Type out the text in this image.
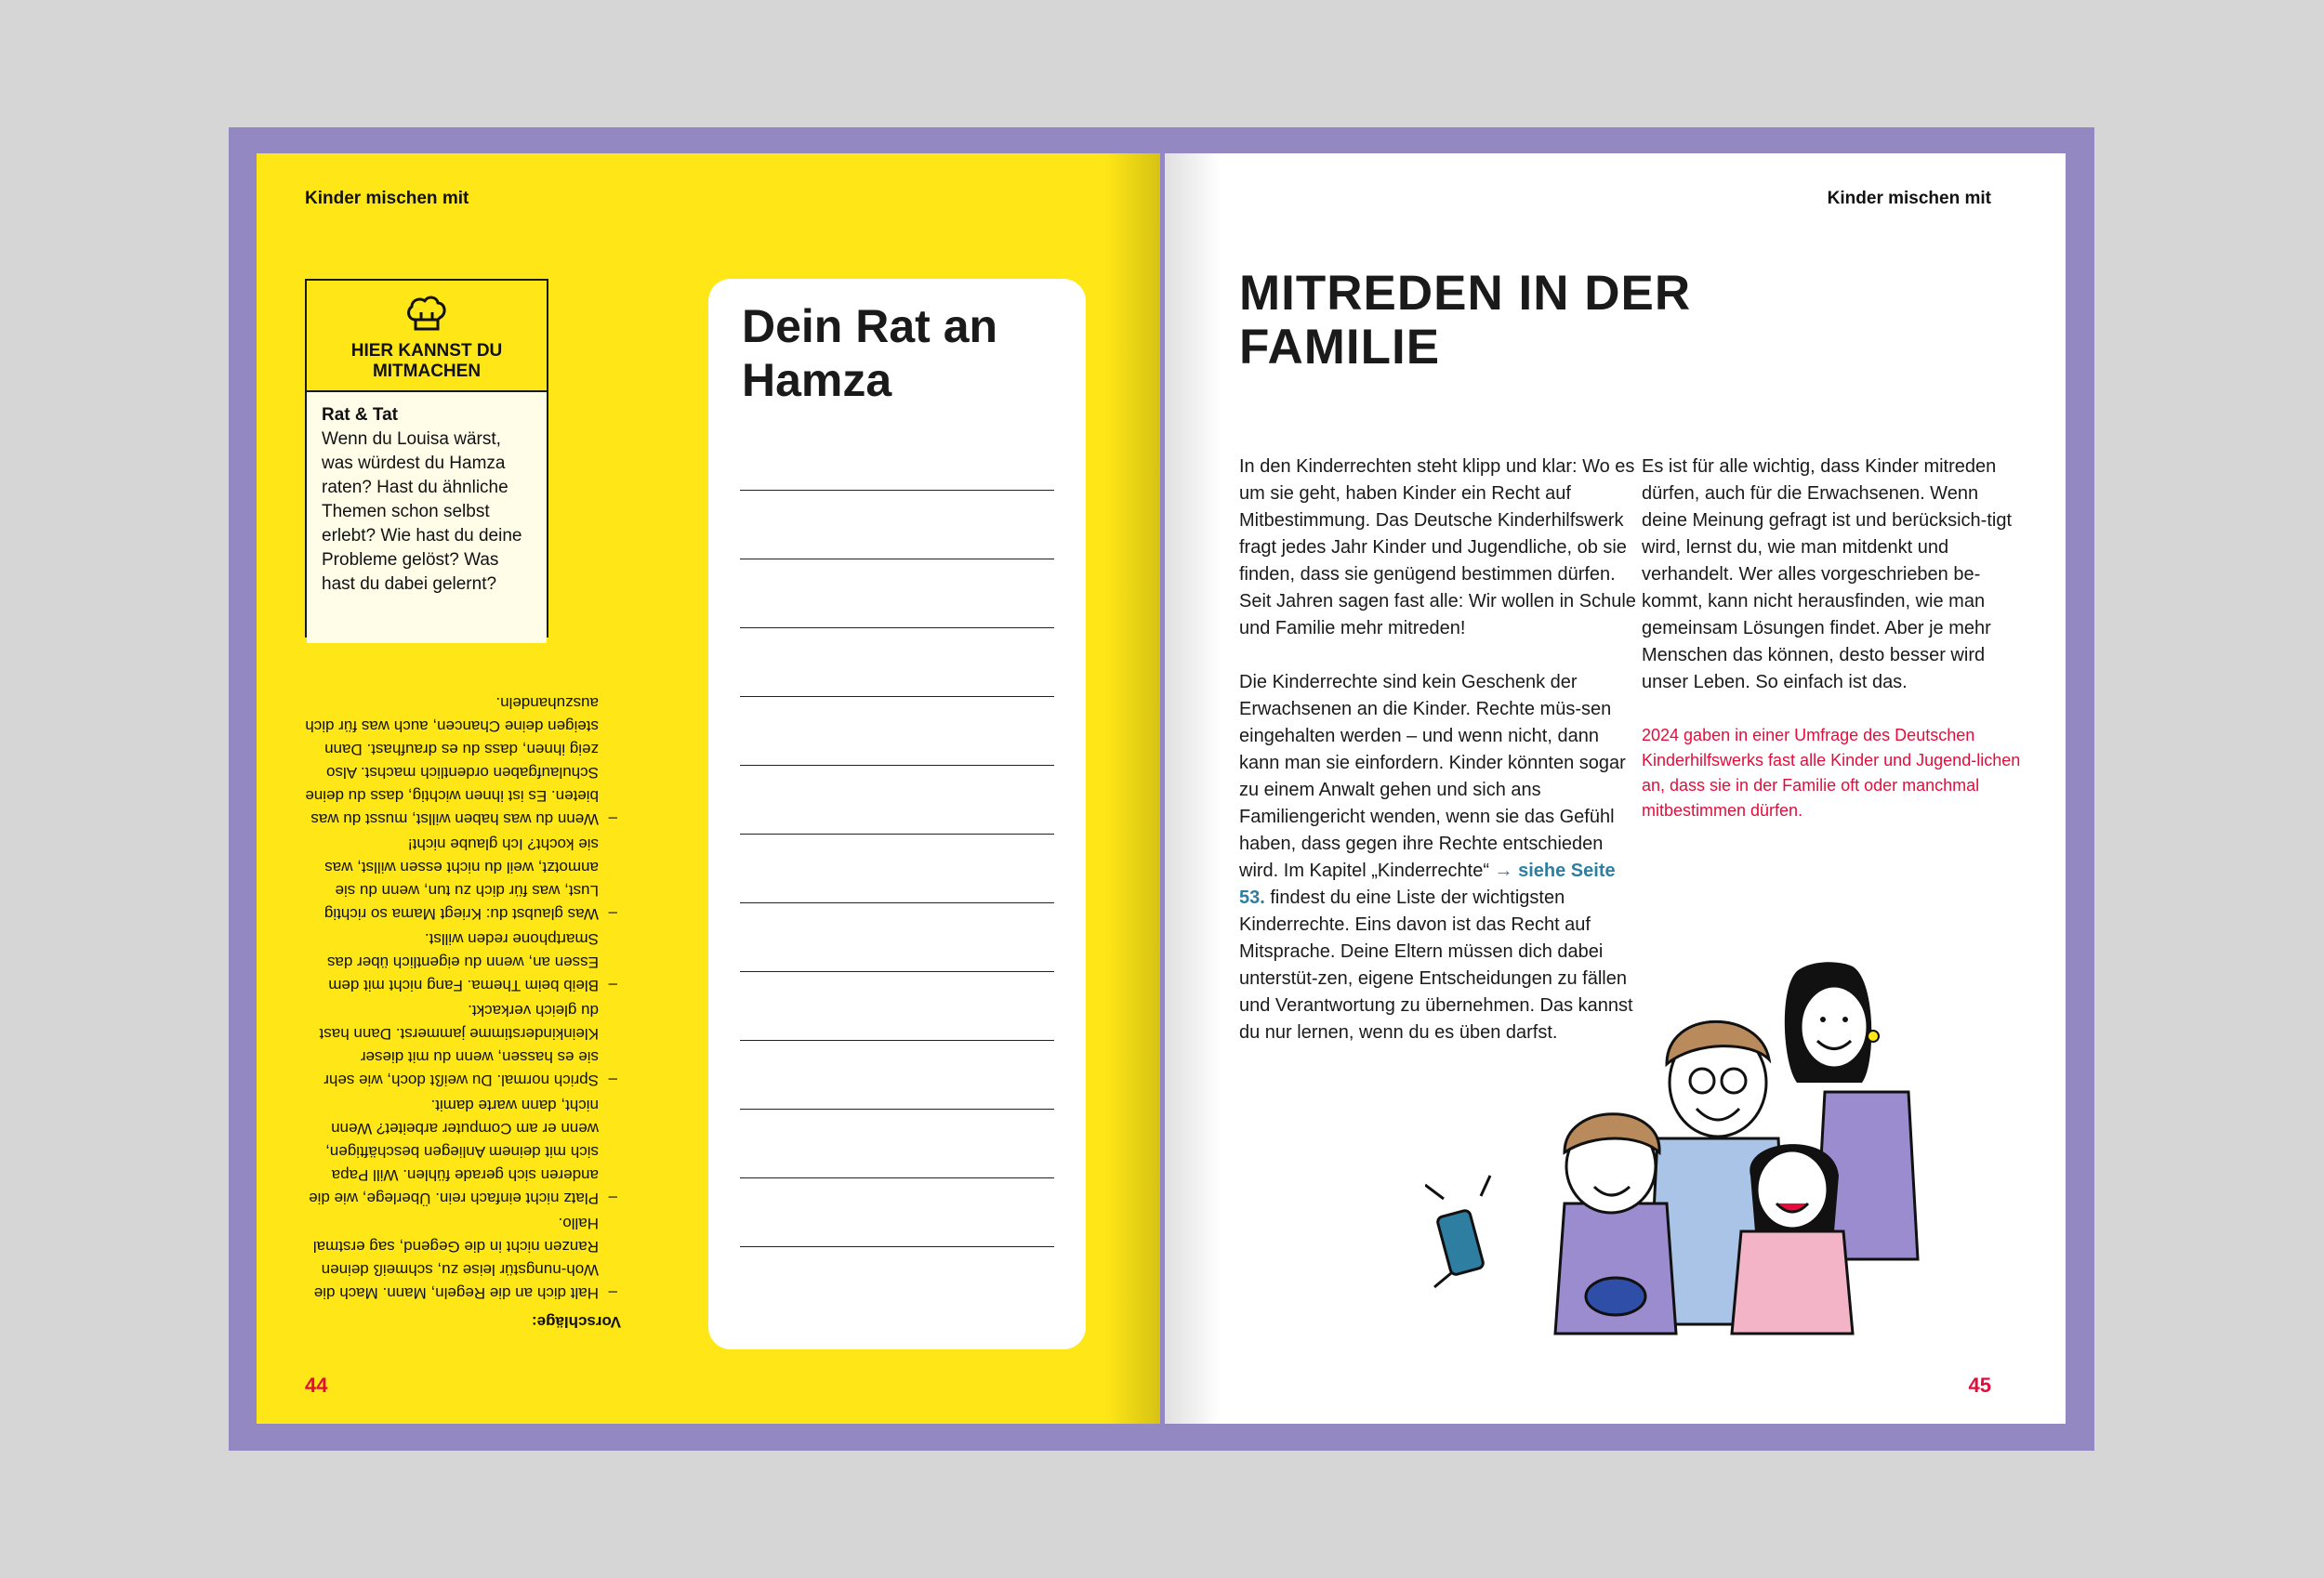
Kinder mischen mit
HIER KANNST DU
MITMACHEN
Rat & Tat
Wenn du Louisa wärst,
was würdest du Hamza
raten? Hast du ähnliche
Themen schon selbst
erlebt? Wie hast du deine
Probleme gelöst? Was
hast du dabei gelernt?
Vorschläge:
– Halt dich an die Regeln, Mann. Mach die Woh-nungstür leise zu, schmeiß deinen Ranzen nicht in die Gegend, sag erstmal Hallo.
– Platz nicht einfach rein. Überlege, wie die anderen sich gerade fühlen. Will Papa sich mit deinem Anliegen beschäftigen, wenn er am Computer arbeitet? Wenn nicht, dann warte damit.
– Sprich normal. Du weißt doch, wie sehr sie es hassen, wenn du mit dieser Kleinkinderstimme jammerst. Dann hast du gleich verkackt.
– Bleib beim Thema. Fang nicht mit dem Essen an, wenn du eigentlich über das Smartphone reden willst.
– Was glaubst du: Kriegt Mama so richtig Lust, was für dich zu tun, wenn du sie anmotzt, weil du nicht essen willst, was sie kocht? Ich glaube nicht!
– Wenn du was haben willst, musst du was bieten. Es ist ihnen wichtig, dass du deine Schulaufgaben ordentlich machst. Also zeig ihnen, dass du es draufhast. Dann steigen deine Chancen, auch was für dich auszuhandeln.
Dein Rat an
Hamza
44
Kinder mischen mit
MITREDEN IN DER
FAMILIE

In den Kinderrechten steht klipp und klar: Wo es um sie geht, haben Kinder ein Recht auf Mitbestimmung. Das Deutsche Kinderhilfswerk fragt jedes Jahr Kinder und Jugendliche, ob sie finden, dass sie genügend bestimmen dürfen. Seit Jahren sagen fast alle: Wir wollen in Schule und Familie mehr mitreden!

Die Kinderrechte sind kein Geschenk der Erwachsenen an die Kinder. Rechte müs-sen eingehalten werden – und wenn nicht, dann kann man sie einfordern. Kinder könnten sogar zu einem Anwalt gehen und sich ans Familiengericht wenden, wenn sie das Gefühl haben, dass gegen ihre Rechte entschieden wird. Im Kapitel „Kinderrechte“ → siehe Seite 53. findest du eine Liste der wichtigsten Kinderrechte. Eins davon ist das Recht auf Mitsprache. Deine Eltern müssen dich dabei unterstüt-zen, eigene Entscheidungen zu fällen und Verantwortung zu übernehmen. Das kannst du nur lernen, wenn du es üben darfst.

Es ist für alle wichtig, dass Kinder mitreden dürfen, auch für die Erwachsenen. Wenn deine Meinung gefragt ist und berücksich-tigt wird, lernst du, wie man mitdenkt und verhandelt. Wer alles vorgeschrieben be-kommt, kann nicht herausfinden, wie man gemeinsam Lösungen findet. Aber je mehr Menschen das können, desto besser wird unser Leben. So einfach ist das.

2024 gaben in einer Umfrage des Deutschen Kinderhilfswerks fast alle Kinder und Jugend-lichen an, dass sie in der Familie oft oder manchmal mitbestimmen dürfen.

45
